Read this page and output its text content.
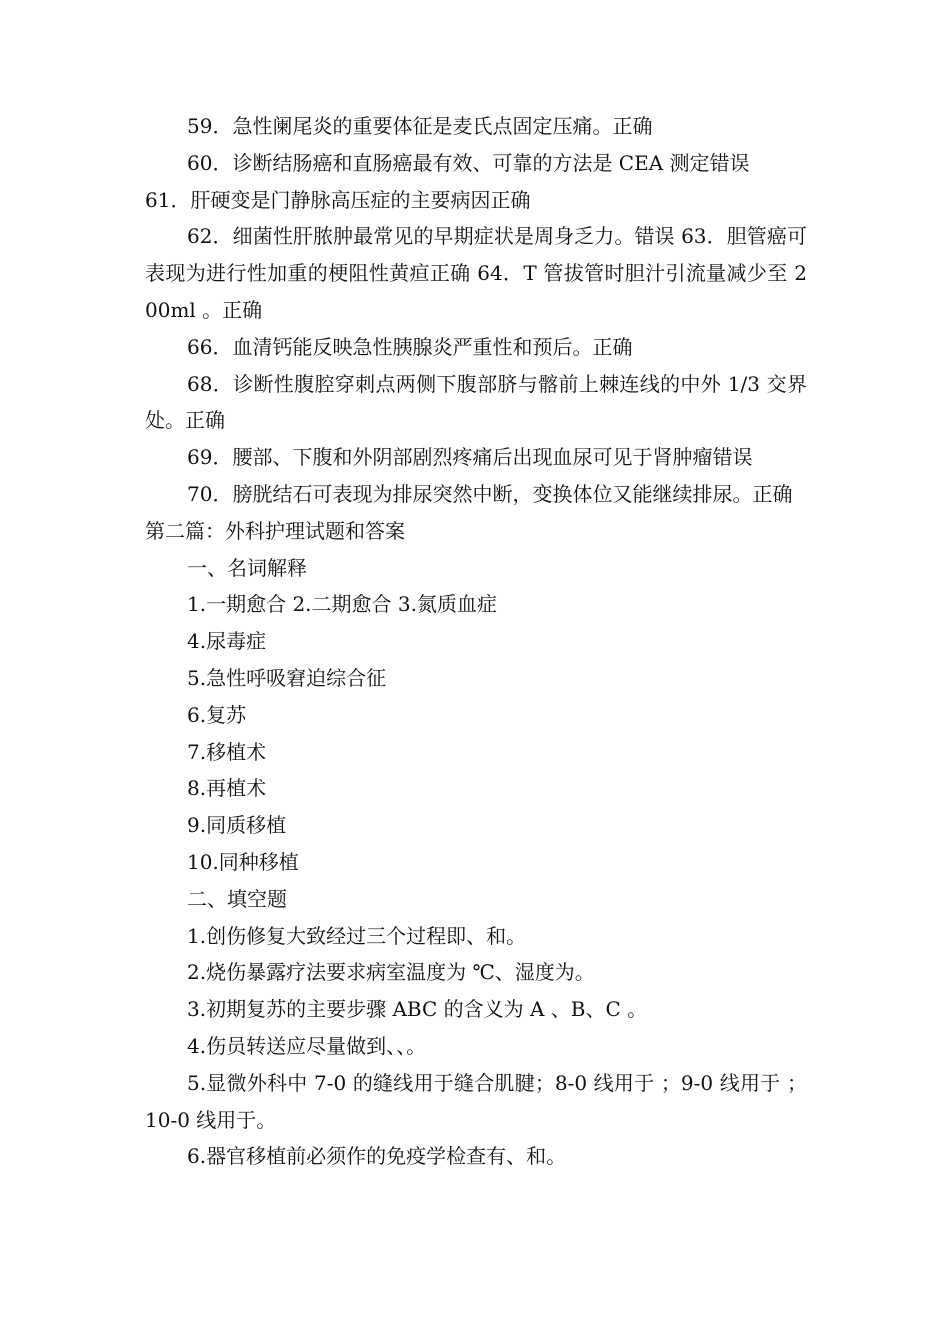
59．急性阑尾炎的重要体征是麦氏点固定压痛。正确

60．诊断结肠癌和直肠癌最有效、可靠的方法是 CEA 测定错误

61．肝硬变是门静脉高压症的主要病因正确

62．细菌性肝脓肿最常见的早期症状是周身乏力。错误 63．胆管癌可表现为进行性加重的梗阻性黄疸正确 64．T 管拔管时胆汁引流量减少至 200ml 。正确

66．血清钙能反映急性胰腺炎严重性和预后。正确

68．诊断性腹腔穿刺点两侧下腹部脐与髂前上棘连线的中外 1/3 交界处。正确

69．腰部、下腹和外阴部剧烈疼痛后出现血尿可见于肾肿瘤错误

70．膀胱结石可表现为排尿突然中断，变换体位又能继续排尿。正确

第二篇：外科护理试题和答案

一、名词解释

1.一期愈合 2.二期愈合 3.氮质血症

4.尿毒症

5.急性呼吸窘迫综合征

6.复苏

7.移植术

8.再植术

9.同质移植

10.同种移植

二、填空题

1.创伤修复大致经过三个过程即、和。

2.烧伤暴露疗法要求病室温度为 ℃、湿度为。

3.初期复苏的主要步骤 ABC 的含义为 A 、B、C 。

4.伤员转送应尽量做到、、。

5.显微外科中 7-0 的缝线用于缝合肌腱；8-0 线用于 ；9-0 线用于 ；10-0 线用于。

6.器官移植前必须作的免疫学检查有、和。
